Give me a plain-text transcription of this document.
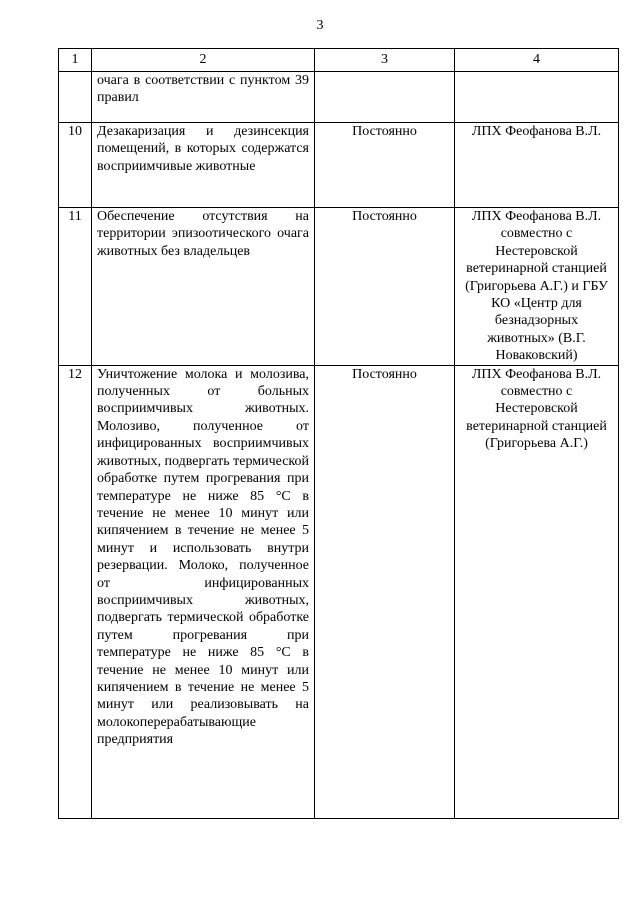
3
1	2	3	4
	очага в соответствии с пунктом 39 правил		
10	Дезакаризация и дезинсекция помещений, в которых содержатся восприимчивые животные	Постоянно	ЛПХ Феофанова В.Л.
11	Обеспечение отсутствия на территории эпизоотического очага животных без владельцев	Постоянно	ЛПХ Феофанова В.Л. совместно с Нестеровской ветеринарной станцией (Григорьева А.Г.) и ГБУ КО «Центр для безнадзорных животных» (В.Г. Новаковский)
12	Уничтожение молока и молозива, полученных от больных восприимчивых животных. Молозиво, полученное от инфицированных восприимчивых животных, подвергать термической обработке путем прогревания при температуре не ниже 85 °С в течение не менее 10 минут или кипячением в течение не менее 5 минут и использовать внутри резервации. Молоко, полученное от инфицированных восприимчивых животных, подвергать термической обработке путем прогревания при температуре не ниже 85 °С в течение не менее 10 минут или кипячением в течение не менее 5 минут или реализовывать на молокоперерабатывающие предприятия	Постоянно	ЛПХ Феофанова В.Л. совместно с Нестеровской ветеринарной станцией (Григорьева А.Г.)
